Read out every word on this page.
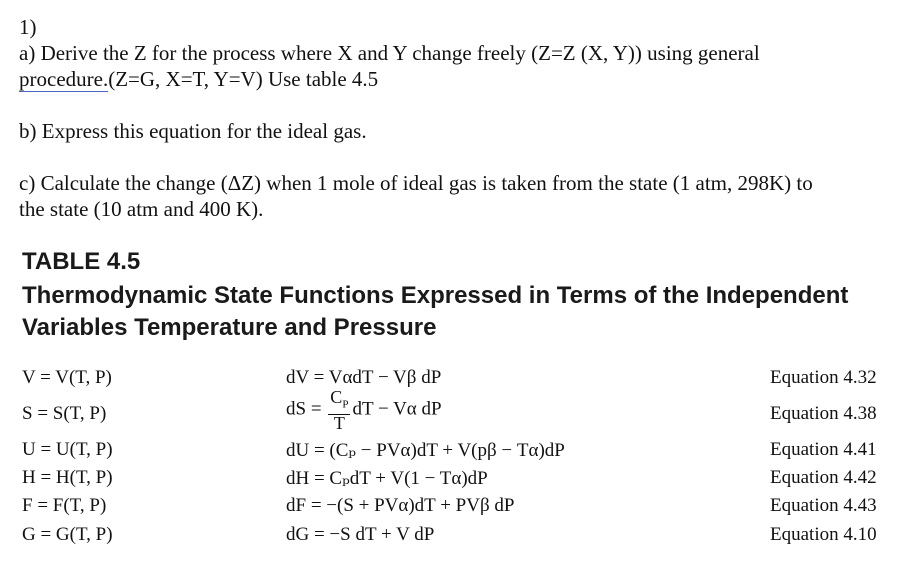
1)
a) Derive the Z for the process where X and Y change freely (Z=Z (X, Y)) using general
procedure.(Z=G, X=T, Y=V) Use table 4.5
b) Express this equation for the ideal gas.
c) Calculate the change (ΔZ) when 1 mole of ideal gas is taken from the state (1 atm, 298K) to
the state (10 atm and 400 K).
TABLE 4.5
Thermodynamic State Functions Expressed in Terms of the Independent Variables Temperature and Pressure
V = V(T, P)	dV = VαdT − Vβ dP	Equation 4.32
S = S(T, P)	dS = $\frac{C_P}{T}$ dT − Vα dP	Equation 4.38
U = U(T, P)	dU = (Cₚ − PVα)dT + V(pβ − Tα)dP	Equation 4.41
H = H(T, P)	dH = CₚdT + V(1 − Tα)dP	Equation 4.42
F = F(T, P)	dF = −(S + PVα)dT + PVβ dP	Equation 4.43
G = G(T, P)	dG = −S dT + V dP	Equation 4.10
